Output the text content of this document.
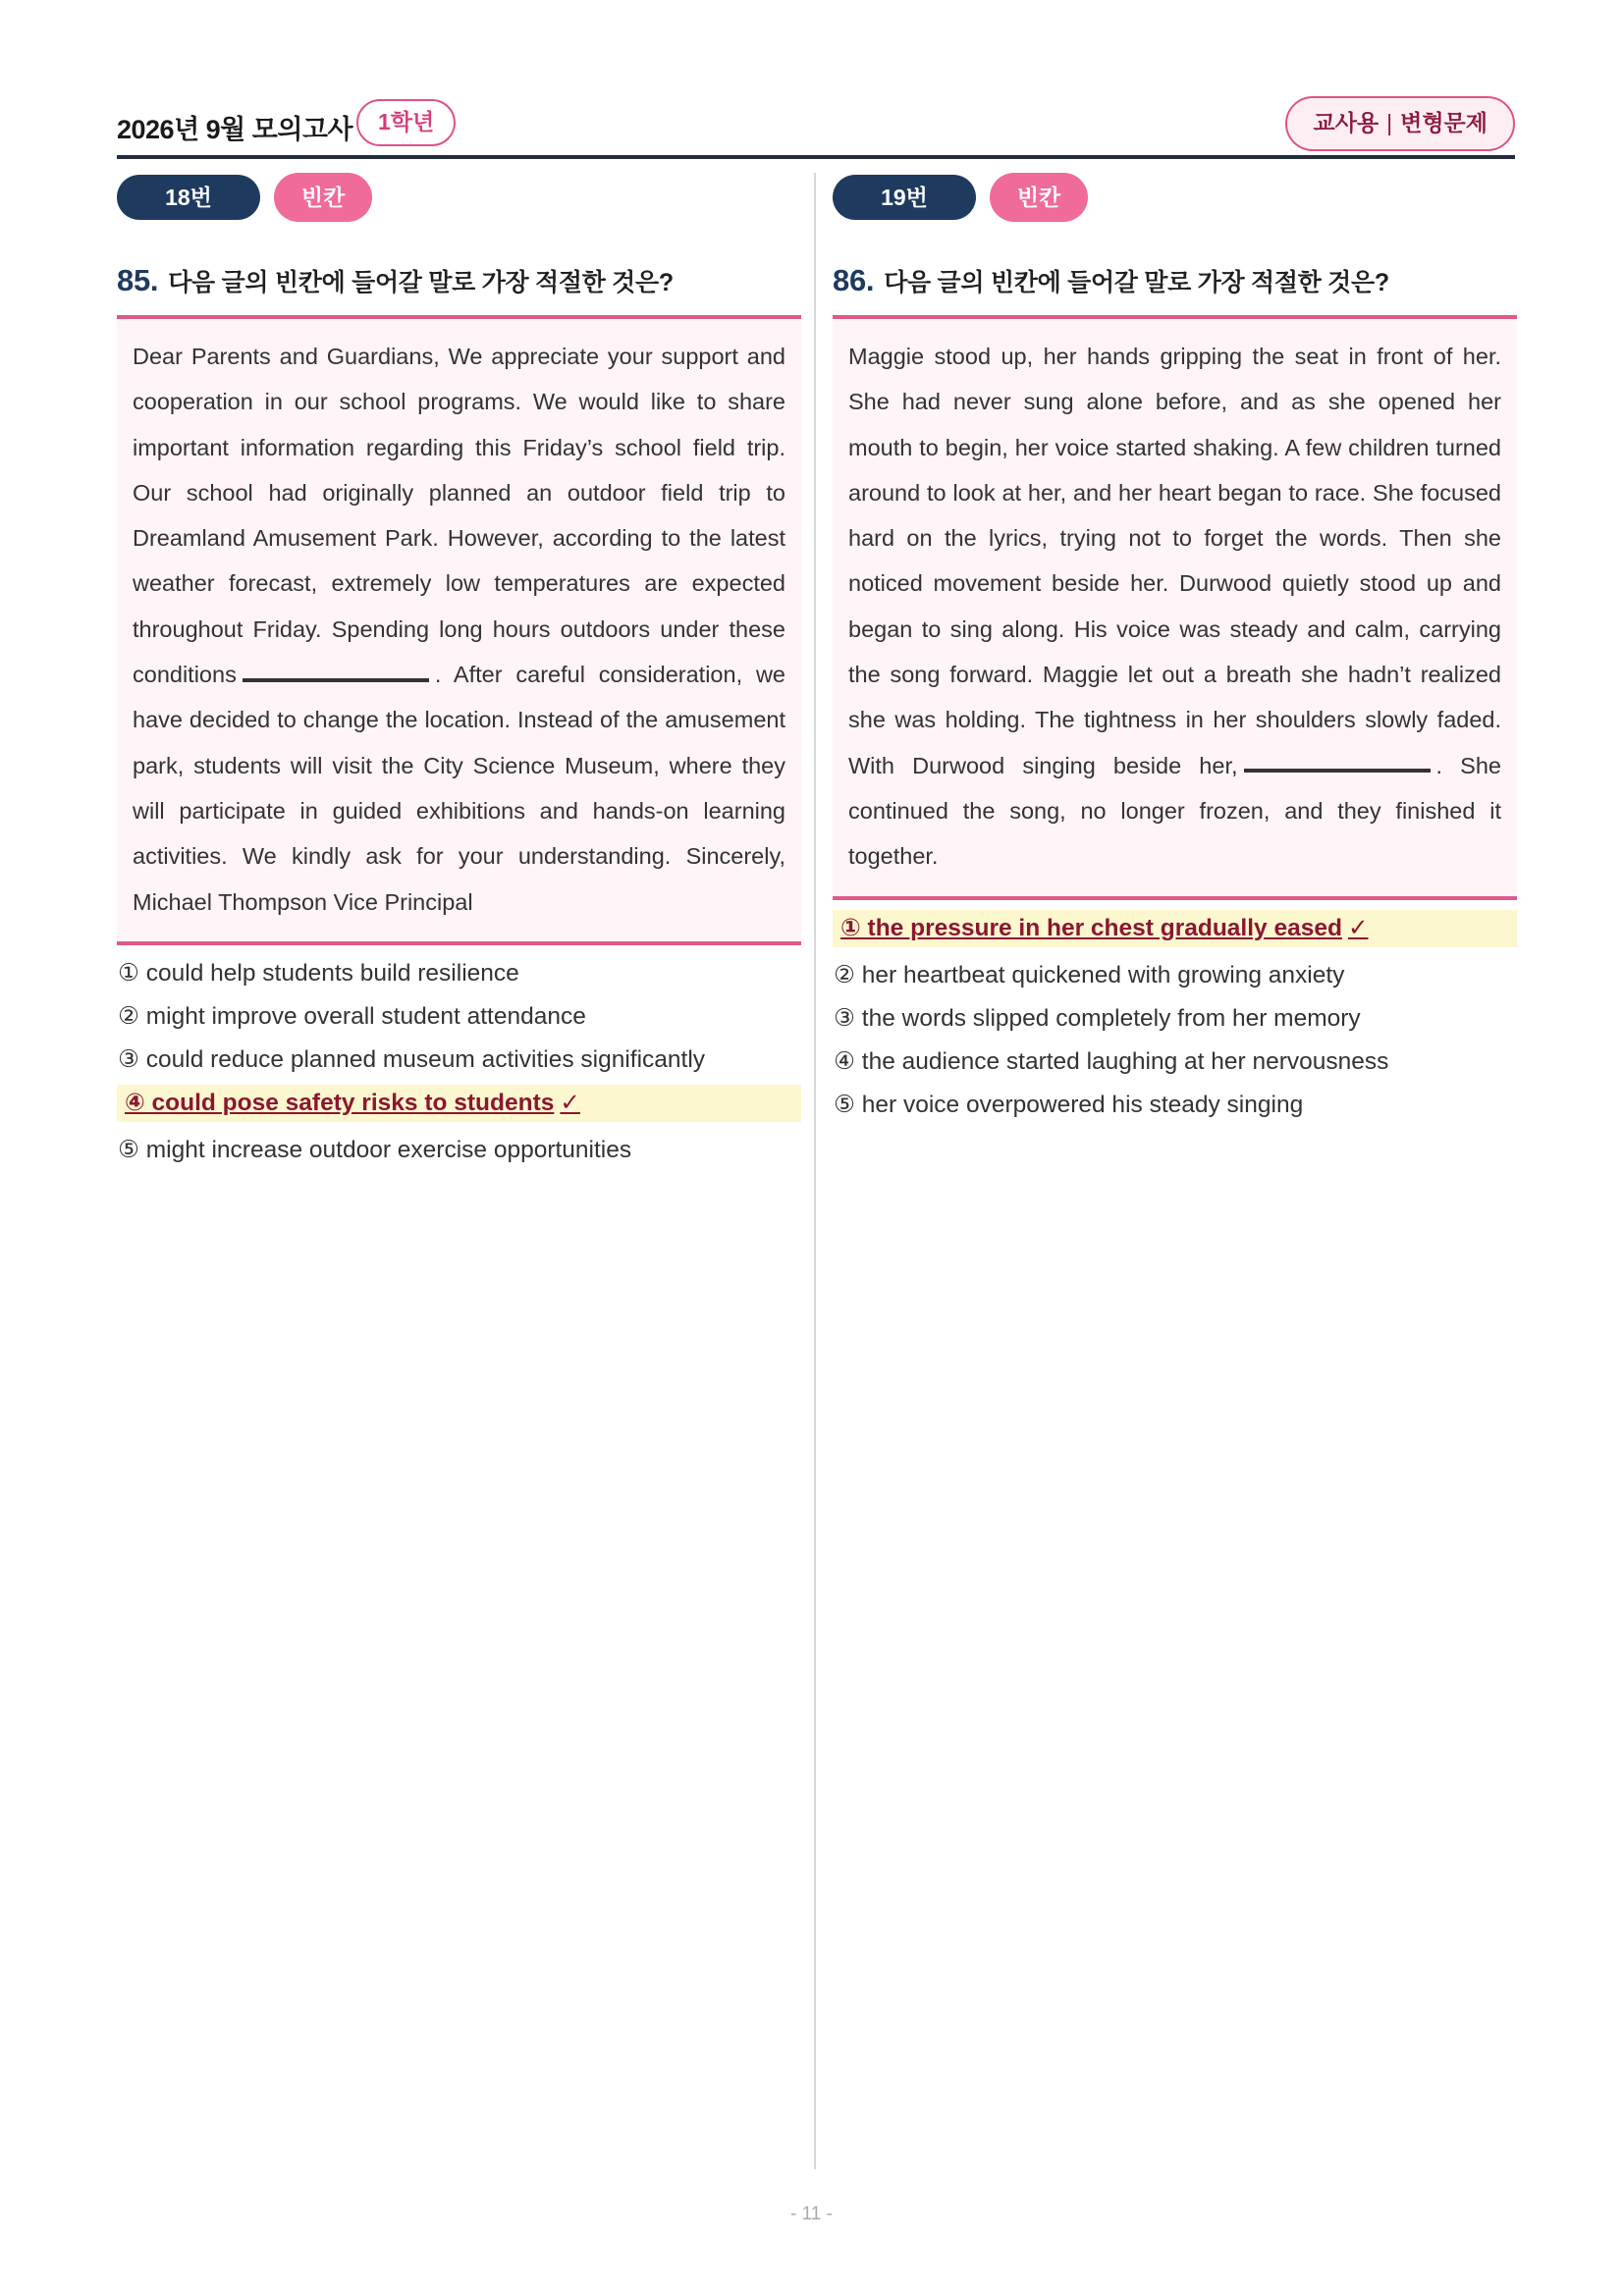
2026년 9월 모의고사	1학년	교사용 | 변형문제
18번	빈칸
85. 다음 글의 빈칸에 들어갈 말로 가장 적절한 것은?
Dear Parents and Guardians, We appreciate your support and cooperation in our school programs. We would like to share important information regarding this Friday’s school field trip. Our school had originally planned an outdoor field trip to Dreamland Amusement Park. However, according to the latest weather forecast, extremely low temperatures are expected throughout Friday. Spending long hours outdoors under these conditions	. After careful consideration, we have decided to change the location. Instead of the amusement park, students will visit the City Science Museum, where they will participate in guided exhibitions and hands-on learning activities. We kindly ask for your understanding. Sincerely, Michael Thompson Vice Principal
① could help students build resilience
② might improve overall student attendance
③ could reduce planned museum activities significantly
④ could pose safety risks to students ✓
⑤ might increase outdoor exercise opportunities
19번	빈칸
86. 다음 글의 빈칸에 들어갈 말로 가장 적절한 것은?
Maggie stood up, her hands gripping the seat in front of her. She had never sung alone before, and as she opened her mouth to begin, her voice started shaking. A few children turned around to look at her, and her heart began to race. She focused hard on the lyrics, trying not to forget the words. Then she noticed movement beside her. Durwood quietly stood up and began to sing along. His voice was steady and calm, carrying the song forward. Maggie let out a breath she hadn’t realized she was holding. The tightness in her shoulders slowly faded. With Durwood singing beside her,	. She continued the song, no longer frozen, and they finished it together.
① the pressure in her chest gradually eased ✓
② her heartbeat quickened with growing anxiety
③ the words slipped completely from her memory
④ the audience started laughing at her nervousness
⑤ her voice overpowered his steady singing
- 11 -
